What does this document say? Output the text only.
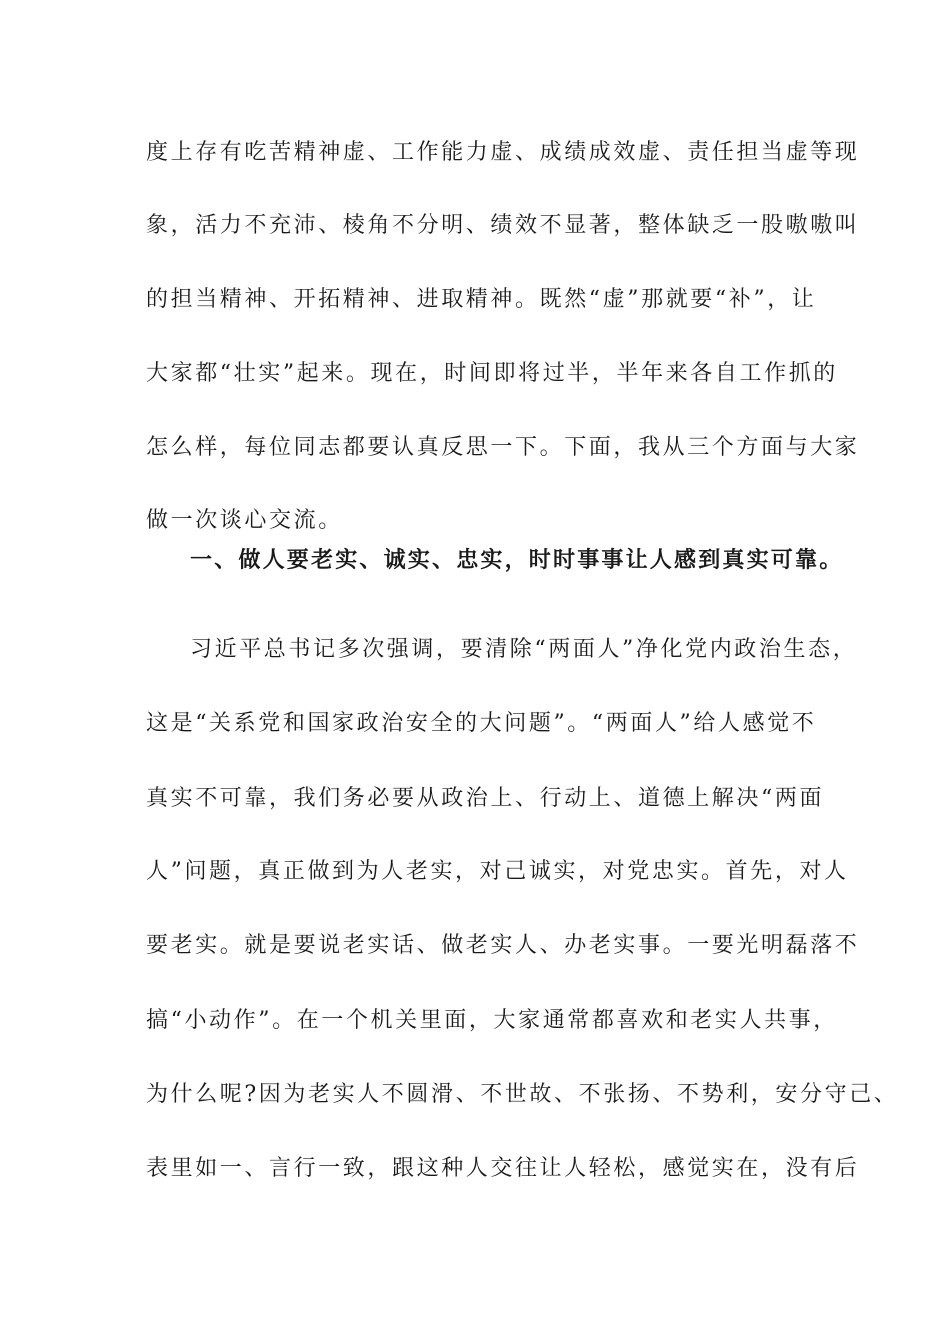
度上存有吃苦精神虚、工作能力虚、成绩成效虚、责任担当虚等现
象，活力不充沛、棱角不分明、绩效不显著，整体缺乏一股嗷嗷叫
的担当精神、开拓精神、进取精神。既然“虚”那就要“补”，让
大家都“壮实”起来。现在，时间即将过半，半年来各自工作抓的
怎么样，每位同志都要认真反思一下。下面，我从三个方面与大家
做一次谈心交流。
一、做人要老实、诚实、忠实，时时事事让人感到真实可靠。
习近平总书记多次强调，要清除“两面人”净化党内政治生态，
这是“关系党和国家政治安全的大问题”。“两面人”给人感觉不
真实不可靠，我们务必要从政治上、行动上、道德上解决“两面
人”问题，真正做到为人老实，对己诚实，对党忠实。首先，对人
要老实。就是要说老实话、做老实人、办老实事。一要光明磊落不
搞“小动作”。在一个机关里面，大家通常都喜欢和老实人共事，
为什么呢?因为老实人不圆滑、不世故、不张扬、不势利，安分守己、
表里如一、言行一致，跟这种人交往让人轻松，感觉实在，没有后
